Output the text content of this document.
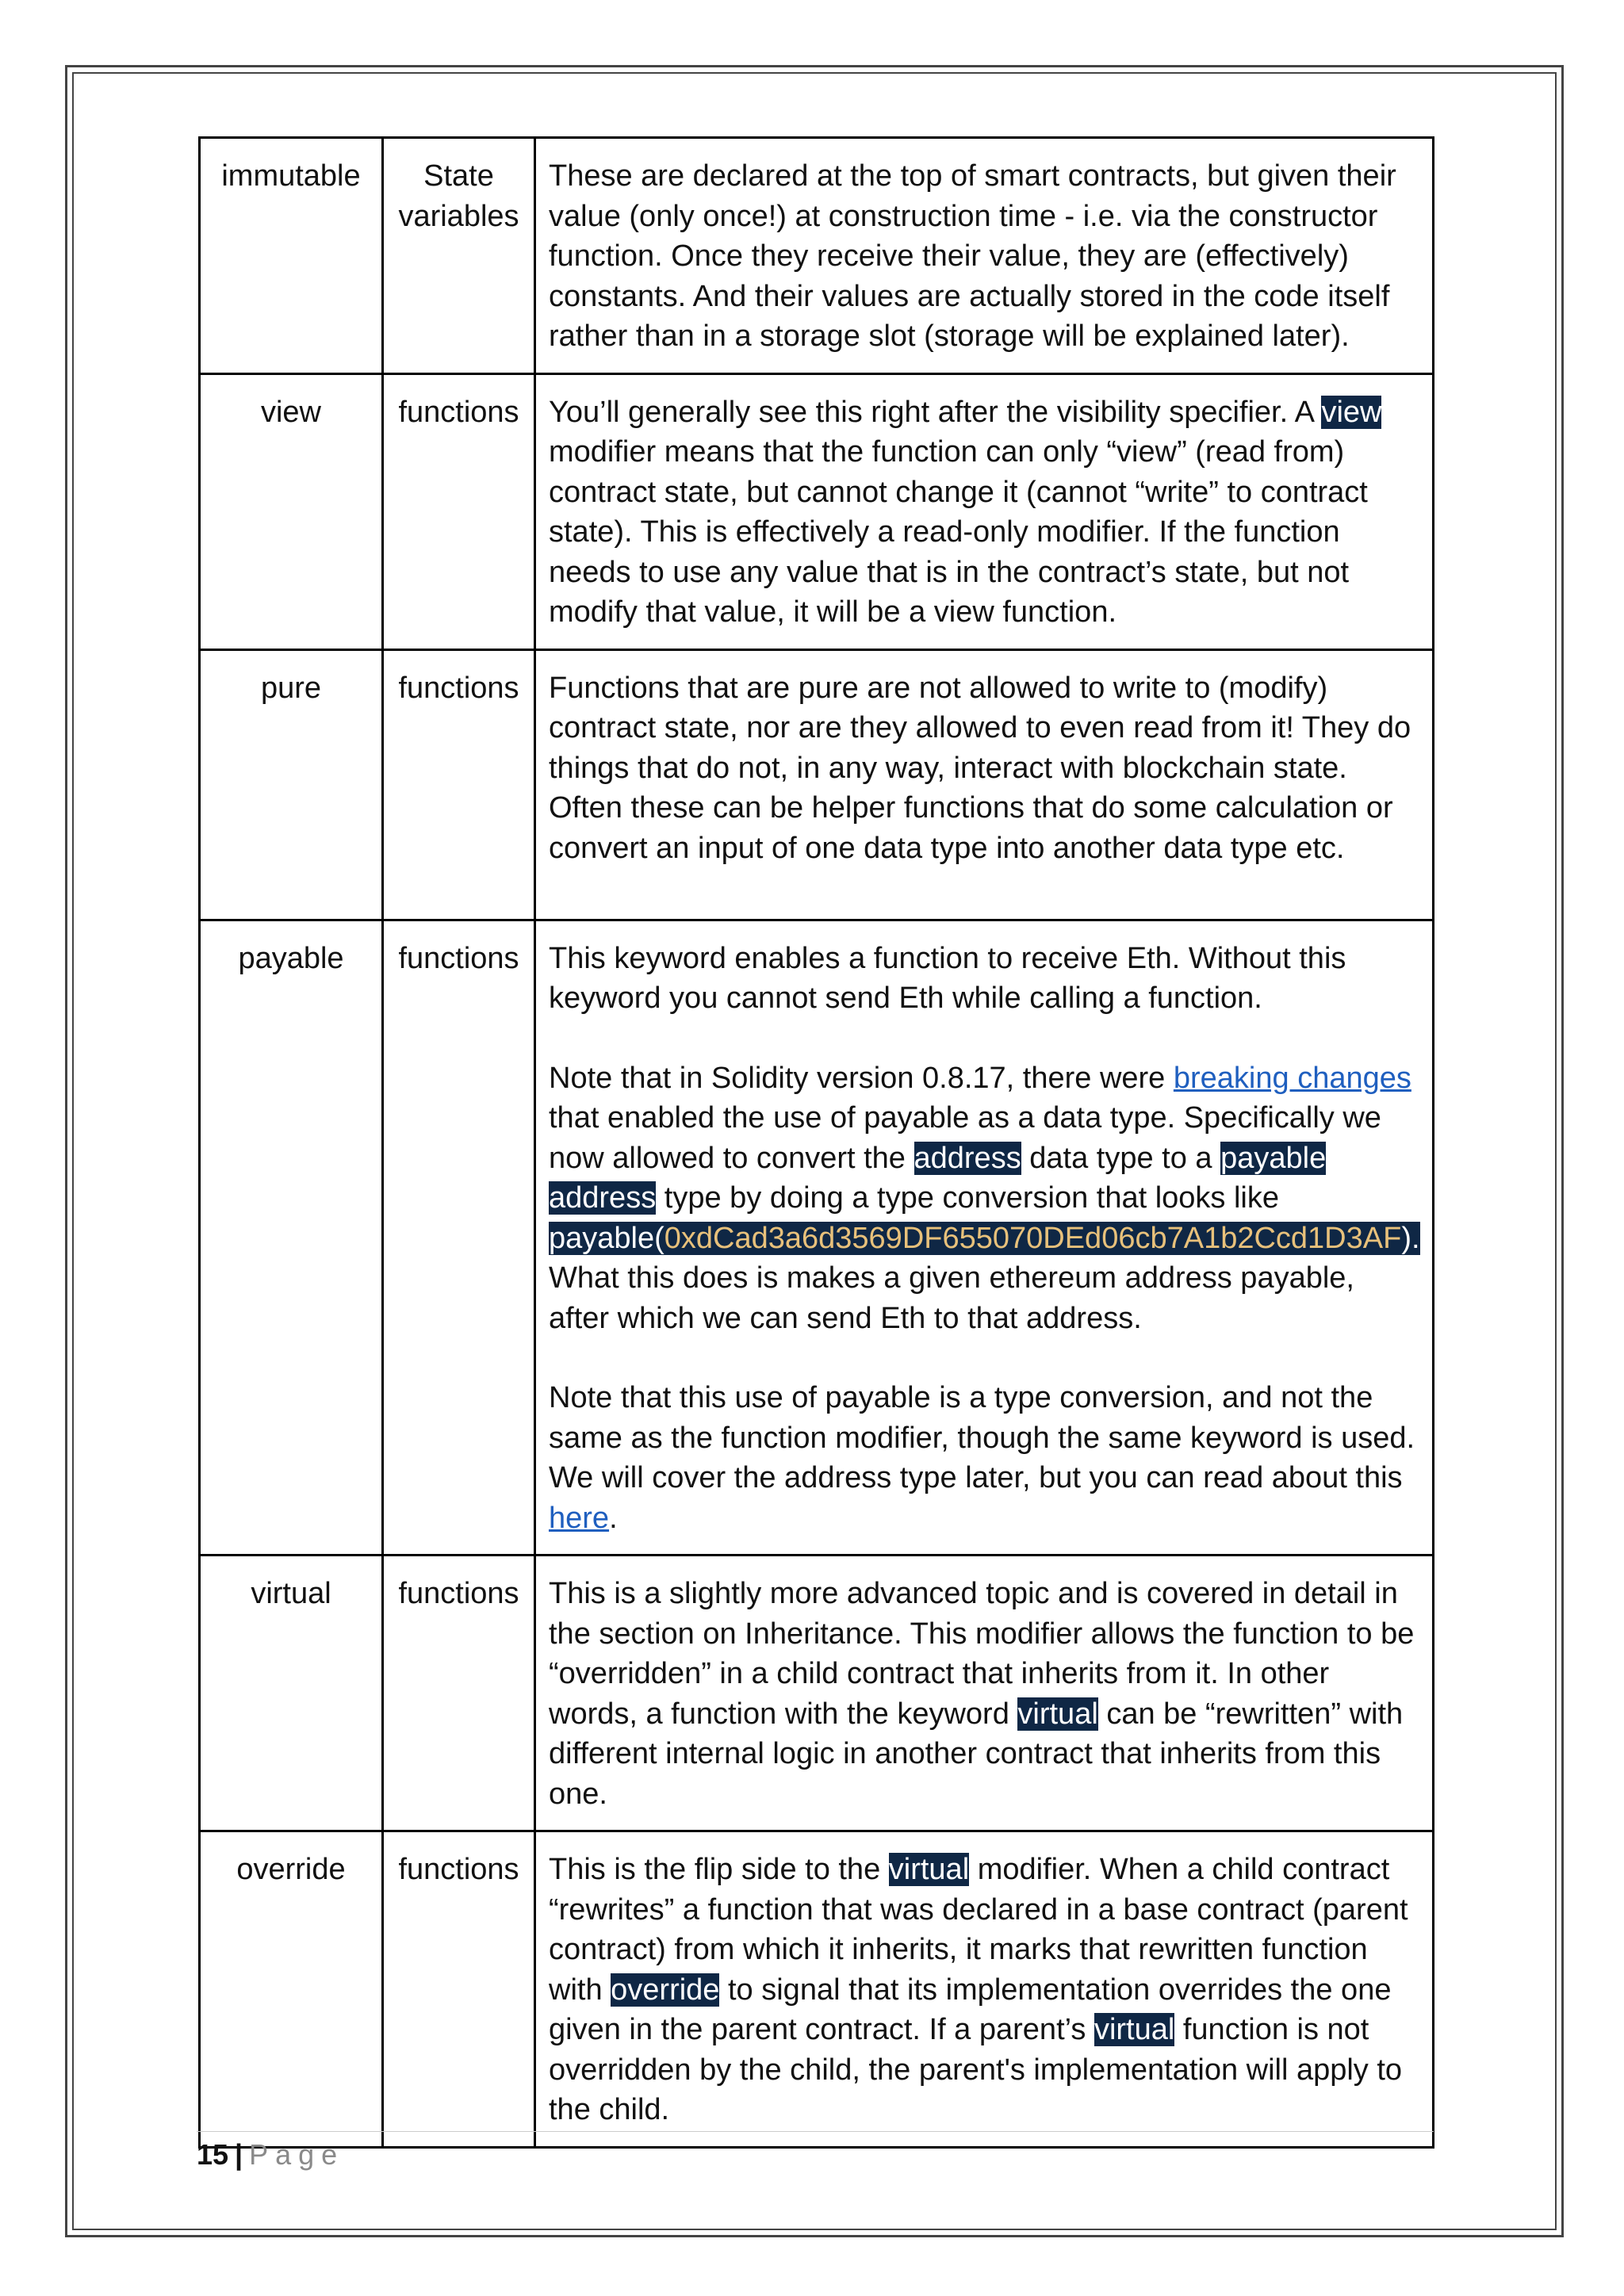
immutable	State variables	These are declared at the top of smart contracts, but given their value (only once!) at construction time - i.e. via the constructor function. Once they receive their value, they are (effectively) constants. And their values are actually stored in the code itself rather than in a storage slot (storage will be explained later).
view	functions	You’ll generally see this right after the visibility specifier. A view modifier means that the function can only “view” (read from) contract state, but cannot change it (cannot “write” to contract state). This is effectively a read-only modifier. If the function needs to use any value that is in the contract’s state, but not modify that value, it will be a view function.
pure	functions	Functions that are pure are not allowed to write to (modify) contract state, nor are they allowed to even read from it! They do things that do not, in any way, interact with blockchain state. Often these can be helper functions that do some calculation or convert an input of one data type into another data type etc.
payable	functions	This keyword enables a function to receive Eth. Without this keyword you cannot send Eth while calling a function.
Note that in Solidity version 0.8.17, there were breaking changes that enabled the use of payable as a data type. Specifically we now allowed to convert the address data type to a payable address type by doing a type conversion that looks like payable(0xdCad3a6d3569DF655070DEd06cb7A1b2Ccd1D3AF). What this does is makes a given ethereum address payable, after which we can send Eth to that address.
Note that this use of payable is a type conversion, and not the same as the function modifier, though the same keyword is used. We will cover the address type later, but you can read about this here.

virtual	functions	This is a slightly more advanced topic and is covered in detail in the section on Inheritance. This modifier allows the function to be “overridden” in a child contract that inherits from it. In other words, a function with the keyword virtual can be “rewritten” with different internal logic in another contract that inherits from this one.
override	functions	This is the flip side to the virtual modifier. When a child contract “rewrites” a function that was declared in a base contract (parent contract) from which it inherits, it marks that rewritten function with override to signal that its implementation overrides the one given in the parent contract. If a parent’s virtual function is not overridden by the child, the parent's implementation will apply to the child.
15 | Page
